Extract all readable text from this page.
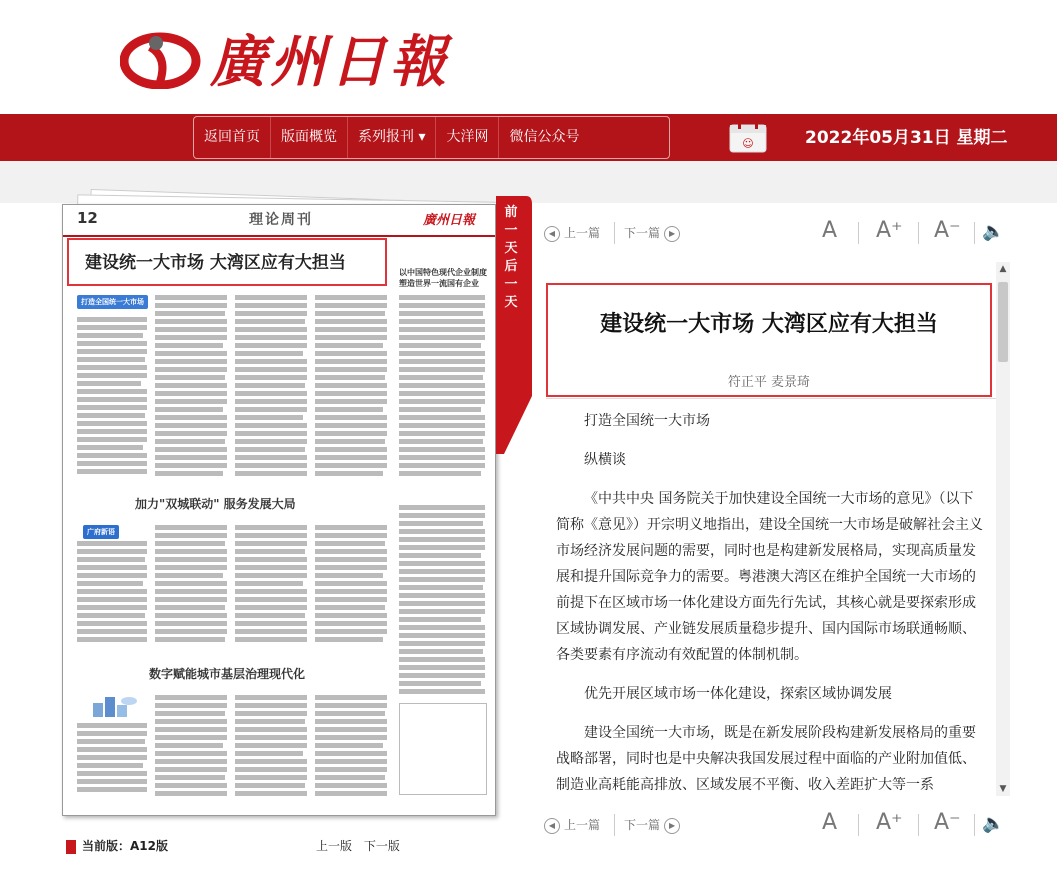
廣州日報
返回首页	版面概览	系列报刊 ▾	大洋网	微信公众号	☺	2022年05月31日 星期二
12	理论周刊	廣州日報
建设统一大市场 大湾区应有大担当
打造全国统一大市场
以中国特色现代企业制度塑造世界一流国有企业
加力"双城联动" 服务发展大局
广府新语
数字赋能城市基层治理现代化
前一天后一天
当前版：A12版	上一版 下一版
◀ 上一篇 下一篇 ▶	A A⁺ A⁻ 🔈
建设统一大市场 大湾区应有大担当
符正平 麦景琦

打造全国统一大市场

纵横谈

《中共中央 国务院关于加快建设全国统一大市场的意见》（以下简称《意见》）开宗明义地指出，建设全国统一大市场是破解社会主义市场经济发展问题的需要，同时也是构建新发展格局，实现高质量发展和提升国际竞争力的需要。粤港澳大湾区在维护全国统一大市场的前提下在区域市场一体化建设方面先行先试，其核心就是要探索形成区域协调发展、产业链发展质量稳步提升、国内国际市场联通畅顺、各类要素有序流动有效配置的体制机制。

优先开展区域市场一体化建设，探索区域协调发展

建设全国统一大市场，既是在新发展阶段构建新发展格局的重要战略部署，同时也是中央解决我国发展过程中面临的产业附加值低、制造业高耗能高排放、区域发展不平衡、收入差距扩大等一系

▲
▼
◀ 上一篇 下一篇 ▶	A A⁺ A⁻ 🔈
